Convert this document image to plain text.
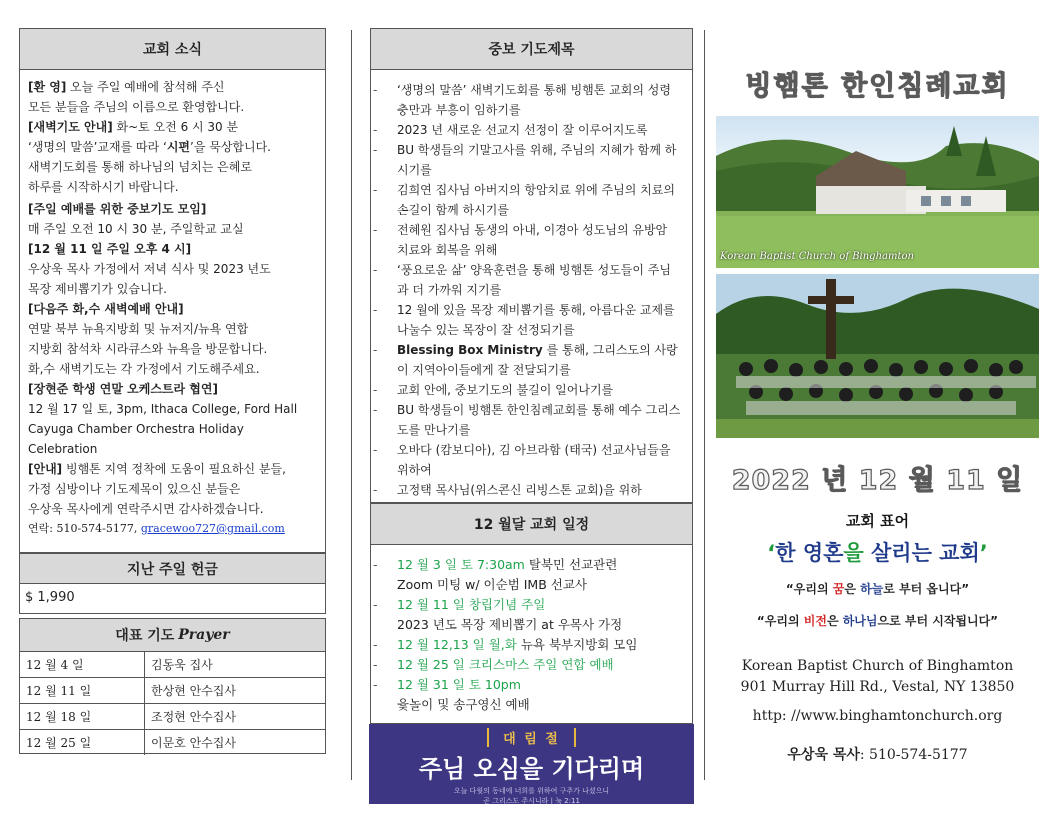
교회 소식

[환 영] 오늘 주일 예배에 참석해 주신

모든 분들을 주님의 이름으로 환영합니다.

[새벽기도 안내] 화~토 오전 6 시 30 분

‘생명의 말씀’교재를 따라 ‘시편’을 묵상합니다.

새벽기도회를 통해 하나님의 넘치는 은혜로

하루를 시작하시기 바랍니다.

[주일 예배를 위한 중보기도 모임]

매 주일 오전 10 시 30 분, 주일학교 교실

[12 월 11 일 주일 오후 4 시]

우상욱 목사 가정에서 저녁 식사 및 2023 년도

목장 제비뽑기가 있습니다.

[다음주 화,수 새벽예배 안내]

연말 북부 뉴욕지방회 및 뉴저지/뉴욕 연합

지방회 참석차 시라큐스와 뉴욕을 방문합니다.

화,수 새벽기도는 각 가정에서 기도해주세요.

[장현준 학생 연말 오케스트라 협연]

12 월 17 일 토, 3pm, Ithaca College, Ford Hall

Cayuga Chamber Orchestra Holiday

Celebration

[안내] 빙햄톤 지역 정착에 도움이 필요하신 분들,

가정 심방이나 기도제목이 있으신 분들은

우상욱 목사에게 연락주시면 감사하겠습니다.

연락: 510-574-5177, gracewoo727@gmail.com

지난 주일 헌금
$ 1,990
대표 기도 Prayer
12 월 4 일	김동욱 집사
12 월 11 일	한상현 안수집사
12 월 18 일	조정현 안수집사
12 월 25 일	이문호 안수집사
중보 기도제목
- ‘생명의 말씀’ 새벽기도회를 통해 빙햄톤 교회의 성령 충만과 부흥이 임하기를
- 2023 년 새로운 선교지 선정이 잘 이루어지도록
- BU 학생들의 기말고사를 위해, 주님의 지혜가 함께 하시기를
- 김희연 집사님 아버지의 항암치료 위에 주님의 치료의 손길이 함께 하시기를
- 전혜원 집사님 동생의 아내, 이경아 성도님의 유방암 치료와 회복을 위해
- ‘풍요로운 삶’ 양육훈련을 통해 빙햄톤 성도들이 주님과 더 가까워 지기를
- 12 월에 있을 목장 제비뽑기를 통해, 아름다운 교제를 나눌수 있는 목장이 잘 선정되기를
- Blessing Box Ministry 를 통해, 그리스도의 사랑이 지역아이들에게 잘 전달되기를
- 교회 안에, 중보기도의 불길이 일어나기를
- BU 학생들이 빙햄톤 한인침례교회를 통해 예수 그리스도를 만나기를
- 오바다 (캄보디아), 김 아브라함 (태국) 선교사님들을 위하여
- 고정택 목사님(위스콘신 리빙스톤 교회)을 위하
12 월달 교회 일정
- 12 월 3 일 토 7:30am 탈북민 선교관련
Zoom 미팅 w/ 이순범 IMB 선교사
- 12 월 11 일 창립기념 주일
2023 년도 목장 제비뽑기 at 우목사 가정
- 12 월 12,13 일 월,화 뉴욕 북부지방회 모임
- 12 월 25 일 크리스마스 주일 연합 예배
- 12 월 31 일 토 10pm
윷놀이 및 송구영신 예배
대 림 절
주님 오심을 기다리며
오늘 다윗의 동네에 너희를 위하여 구주가 나셨으니
곧 그리스도 주시니라 | 눅 2:11
빙햄톤 한인침례교회
Korean Baptist Church of Binghamton
2022 년 12 월 11 일
교회 표어
‘한 영혼을 살리는 교회’
“우리의 꿈은 하늘로 부터 옵니다”
“우리의 비전은 하나님으로 부터 시작됩니다”
Korean Baptist Church of Binghamton
901 Murray Hill Rd., Vestal, NY 13850
http: //www.binghamtonchurch.org
우상욱 목사: 510-574-5177
